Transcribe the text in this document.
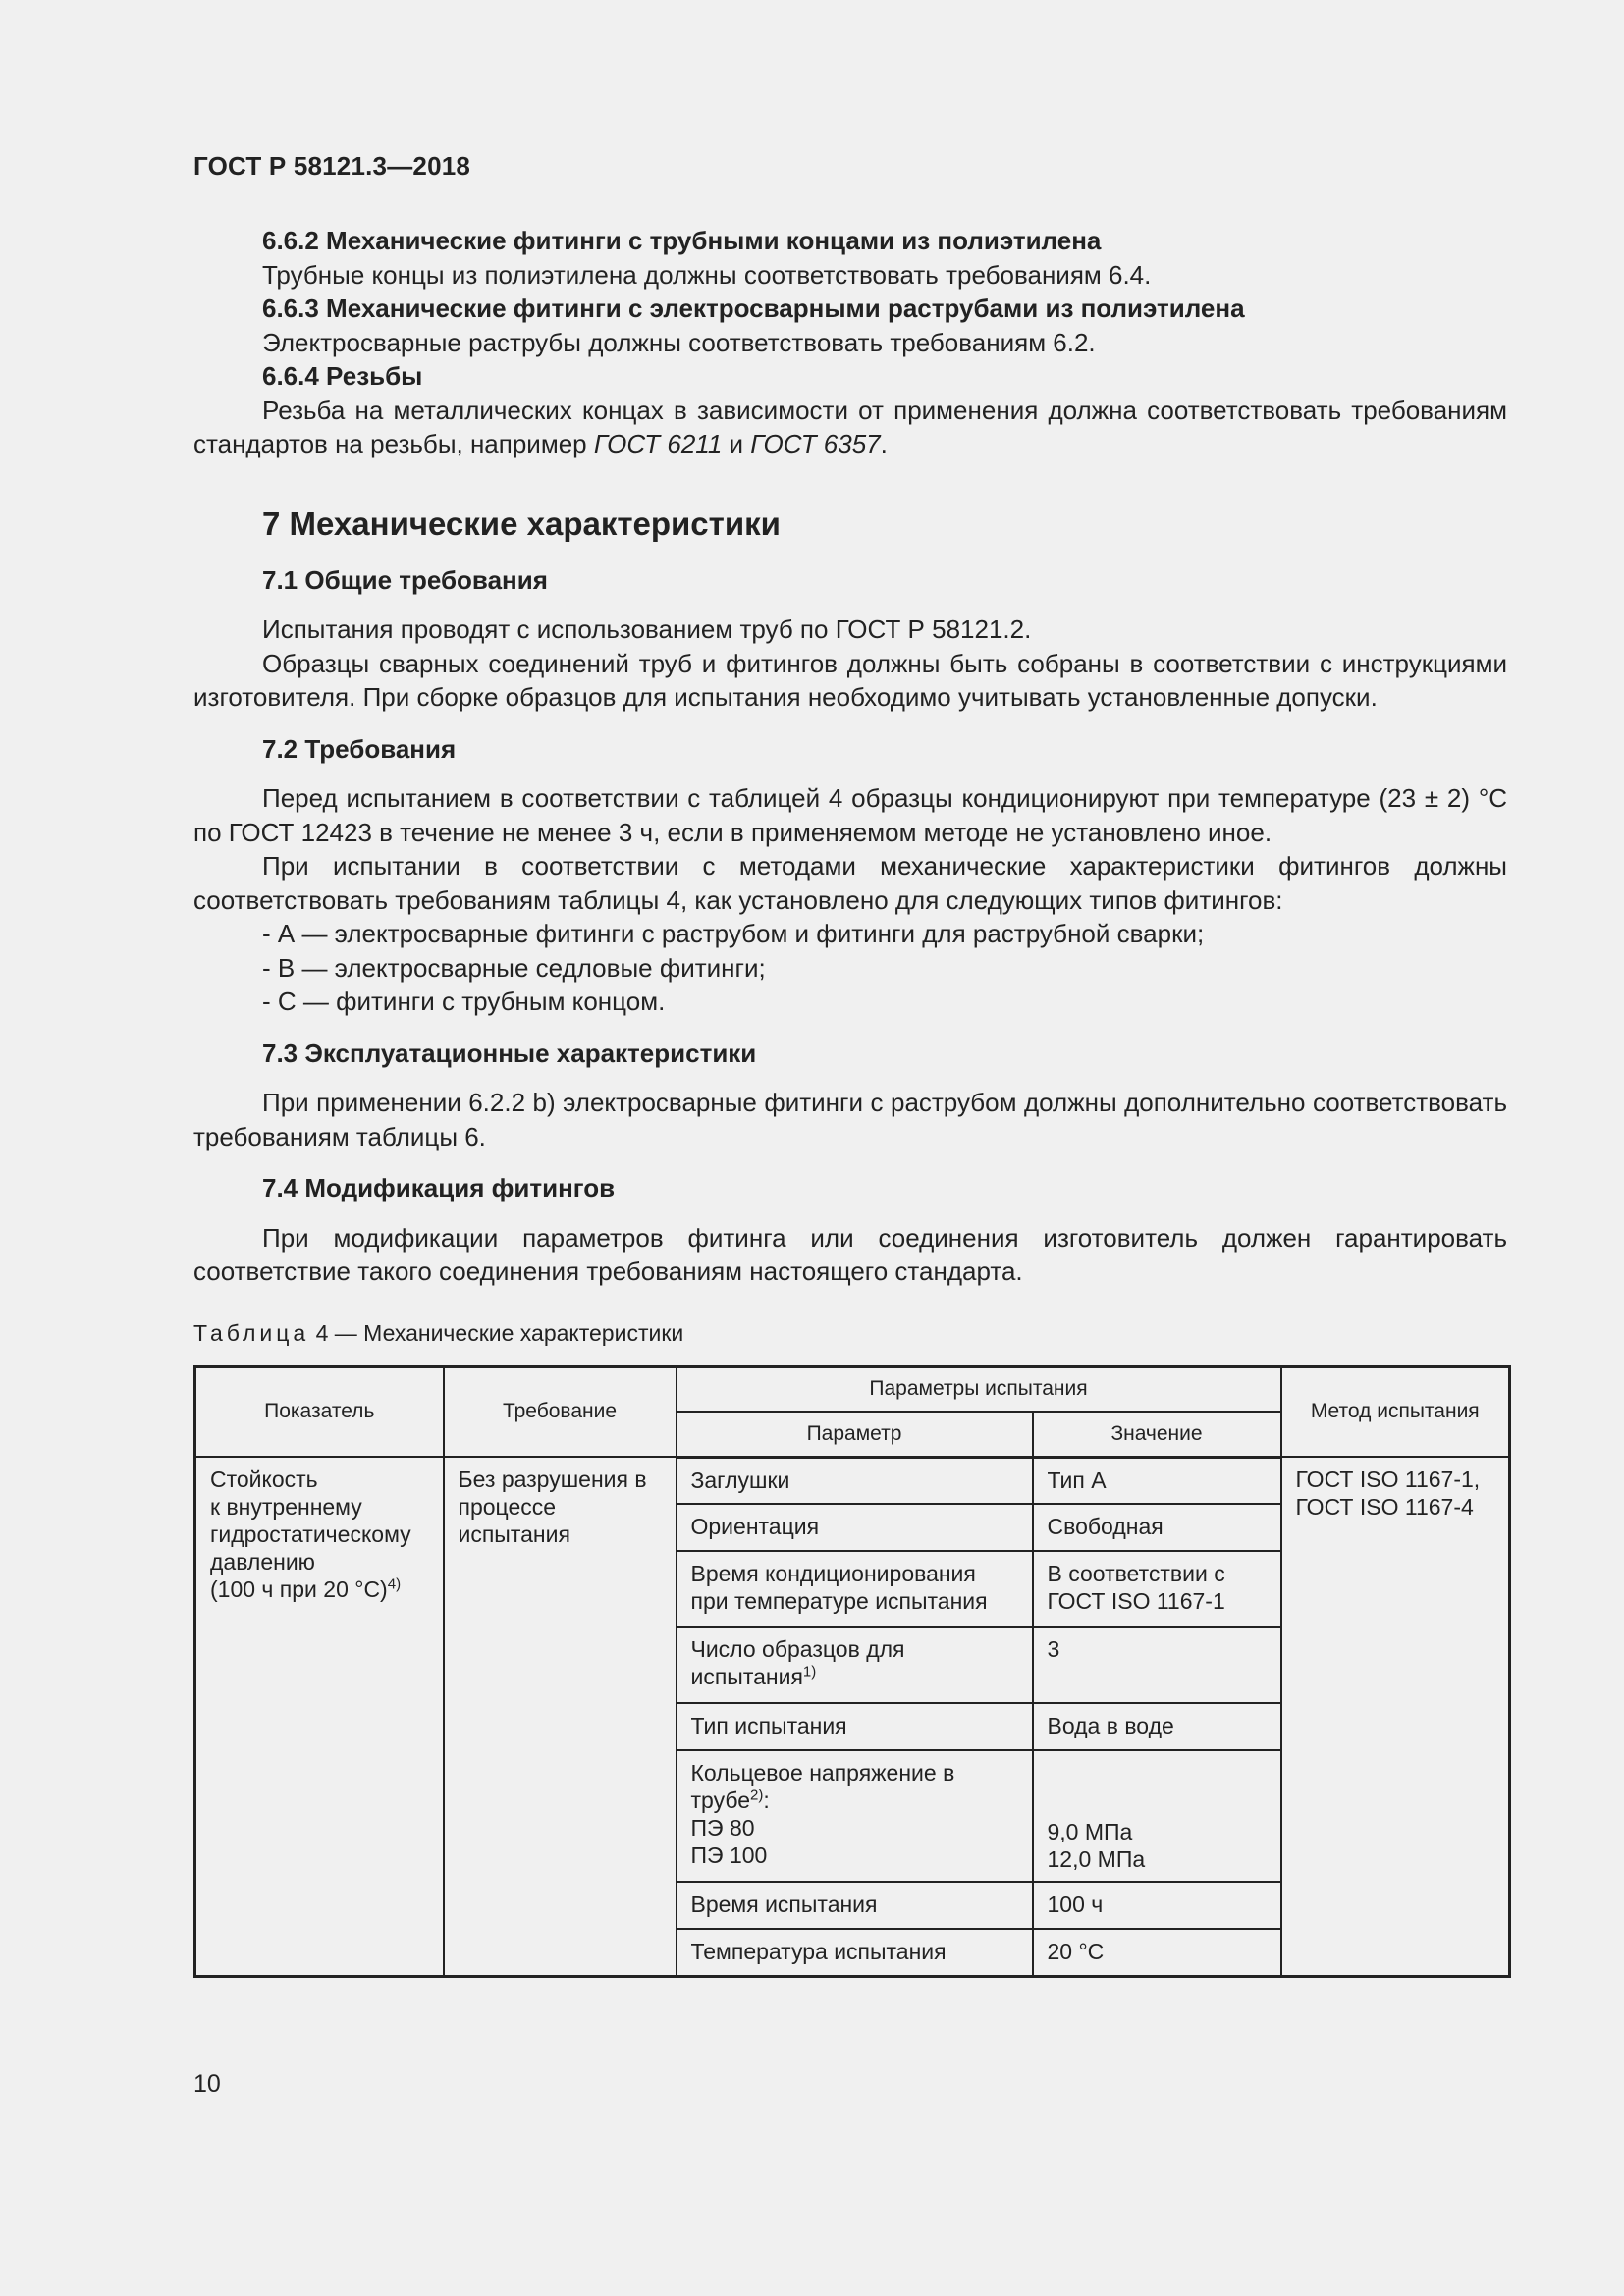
ГОСТ Р 58121.3—2018
6.6.2 Механические фитинги с трубными концами из полиэтилена
Трубные концы из полиэтилена должны соответствовать требованиям 6.4.
6.6.3 Механические фитинги с электросварными раструбами из полиэтилена
Электросварные раструбы должны соответствовать требованиям 6.2.
6.6.4 Резьбы

Резьба на металлических концах в зависимости от применения должна соответствовать требованиям стандартов на резьбы, например ГОСТ 6211 и ГОСТ 6357.

7 Механические характеристики
7.1 Общие требования

Испытания проводят с использованием труб по ГОСТ Р 58121.2.

Образцы сварных соединений труб и фитингов должны быть собраны в соответствии с инструкциями изготовителя. При сборке образцов для испытания необходимо учитывать установленные допуски.

7.2 Требования

Перед испытанием в соответствии с таблицей 4 образцы кондиционируют при температуре (23 ± 2) °С по ГОСТ 12423 в течение не менее 3 ч, если в применяемом методе не установлено иное.

При испытании в соответствии с методами механические характеристики фитингов должны соответствовать требованиям таблицы 4, как установлено для следующих типов фитингов:

- А — электросварные фитинги с раструбом и фитинги для раструбной сварки;
- В — электросварные седловые фитинги;
- С — фитинги с трубным концом.
7.3 Эксплуатационные характеристики

При применении 6.2.2 b) электросварные фитинги с раструбом должны дополнительно соответствовать требованиям таблицы 6.

7.4 Модификация фитингов

При модификации параметров фитинга или соединения изготовитель должен гарантировать соответствие такого соединения требованиям настоящего стандарта.

Таблица 4 — Механические характеристики
Показатель	Требование	Параметры испытания		Метод испытания
		Параметр	Значение	

Стойкость
к внутреннему
гидростатическому
давлению
(100 ч при 20 °С)$^{4)}$	Без разрушения в процессе испытания	Заглушки	Тип А	ГОСТ ISO 1167-1,
ГОСТ ISO 1167-4

		Ориентация	Свободная	
		Время кондиционирования при температуре испытания	В соответствии с ГОСТ ISO 1167-1	
		Число образцов для испытания$^{1)}$	3	
		Тип испытания	Вода в воде	
		Кольцевое напряжение в трубе$^{2)}$:
ПЭ 80
ПЭ 100	9,0 МПа
12,0 МПа	

		Время испытания	100 ч	
		Температура испытания	20 °С	
10
